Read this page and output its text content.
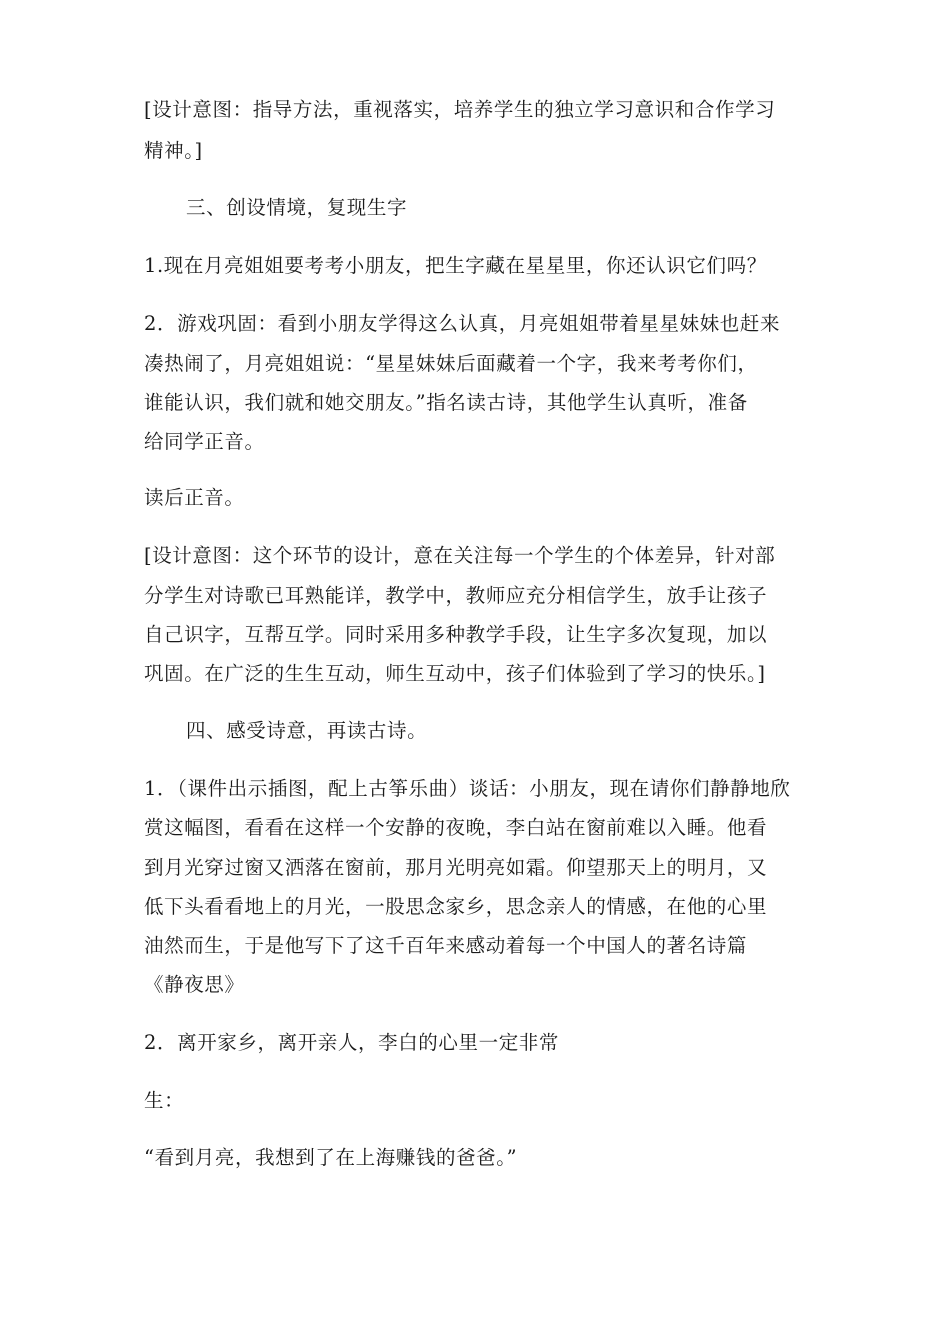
[设计意图：指导方法，重视落实，培养学生的独立学习意识和合作学习
精神。]
三、创设情境，复现生字
1.现在月亮姐姐要考考小朋友，把生字藏在星星里，你还认识它们吗？
2．游戏巩固：看到小朋友学得这么认真，月亮姐姐带着星星妹妹也赶来
凑热闹了，月亮姐姐说：“星星妹妹后面藏着一个字，我来考考你们，
谁能认识，我们就和她交朋友。”指名读古诗，其他学生认真听，准备
给同学正音。
读后正音。
[设计意图：这个环节的设计，意在关注每一个学生的个体差异，针对部
分学生对诗歌已耳熟能详，教学中，教师应充分相信学生，放手让孩子
自己识字，互帮互学。同时采用多种教学手段，让生字多次复现，加以
巩固。在广泛的生生互动，师生互动中，孩子们体验到了学习的快乐。]
四、感受诗意，再读古诗。
1．（课件出示插图，配上古筝乐曲）谈话：小朋友，现在请你们静静地欣
赏这幅图，看看在这样一个安静的夜晚，李白站在窗前难以入睡。他看
到月光穿过窗又洒落在窗前，那月光明亮如霜。仰望那天上的明月，又
低下头看看地上的月光，一股思念家乡，思念亲人的情感，在他的心里
油然而生，于是他写下了这千百年来感动着每一个中国人的著名诗篇
《静夜思》
2．离开家乡，离开亲人，李白的心里一定非常
生：
“看到月亮，我想到了在上海赚钱的爸爸。”
